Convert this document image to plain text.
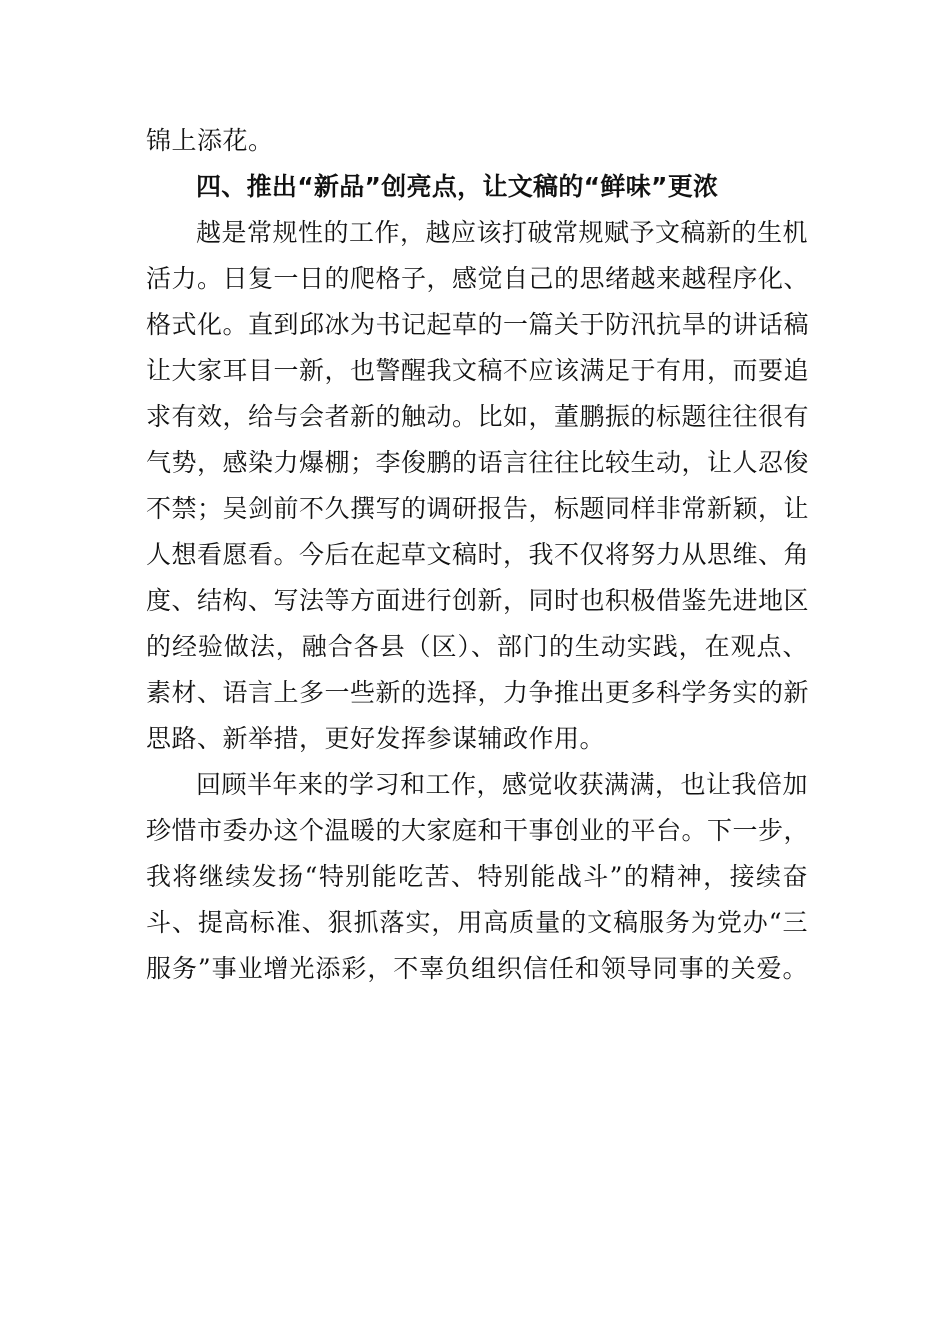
锦上添花。
四、推出“新品”创亮点，让文稿的“鲜味”更浓
越是常规性的工作，越应该打破常规赋予文稿新的生机
活力。日复一日的爬格子，感觉自己的思绪越来越程序化、
格式化。直到邱冰为书记起草的一篇关于防汛抗旱的讲话稿
让大家耳目一新，也警醒我文稿不应该满足于有用，而要追
求有效，给与会者新的触动。比如，董鹏振的标题往往很有
气势，感染力爆棚；李俊鹏的语言往往比较生动，让人忍俊
不禁；吴剑前不久撰写的调研报告，标题同样非常新颖，让
人想看愿看。今后在起草文稿时，我不仅将努力从思维、角
度、结构、写法等方面进行创新，同时也积极借鉴先进地区
的经验做法，融合各县（区）、部门的生动实践，在观点、
素材、语言上多一些新的选择，力争推出更多科学务实的新
思路、新举措，更好发挥参谋辅政作用。
回顾半年来的学习和工作，感觉收获满满，也让我倍加
珍惜市委办这个温暖的大家庭和干事创业的平台。下一步，
我将继续发扬“特别能吃苦、特别能战斗”的精神，接续奋
斗、提高标准、狠抓落实，用高质量的文稿服务为党办“三
服务”事业增光添彩，不辜负组织信任和领导同事的关爱。
